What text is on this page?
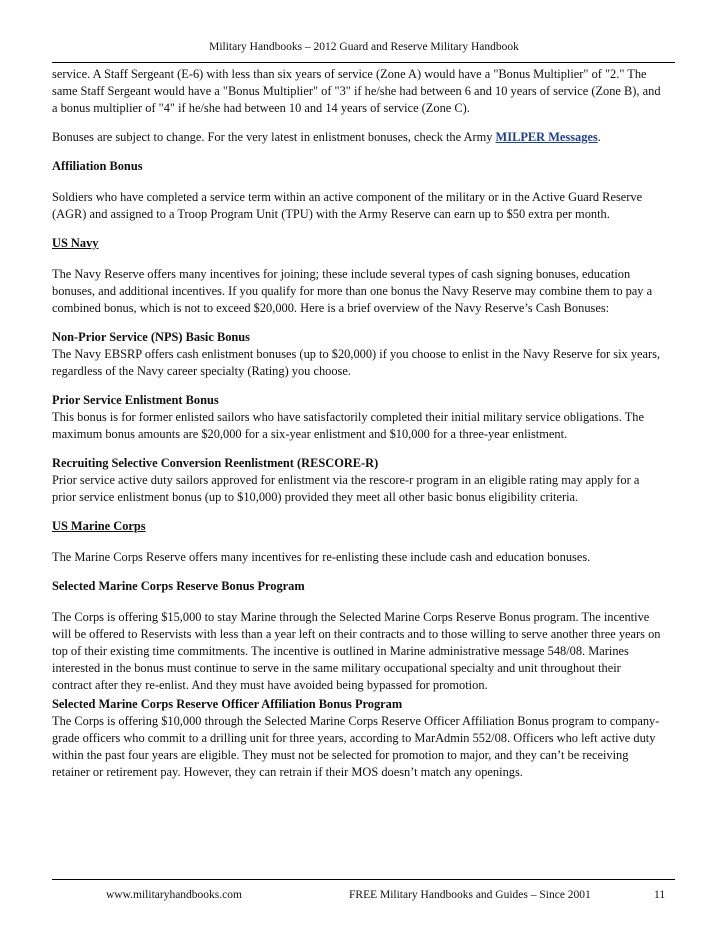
Military Handbooks – 2012 Guard and Reserve Military Handbook

service. A Staff Sergeant (E-6) with less than six years of service (Zone A) would have a "Bonus Multiplier" of "2." The same Staff Sergeant would have a "Bonus Multiplier" of "3" if he/she had between 6 and 10 years of service (Zone B), and a bonus multiplier of "4" if he/she had between 10 and 14 years of service (Zone C).

Bonuses are subject to change. For the very latest in enlistment bonuses, check the Army MILPER Messages.

Affiliation Bonus

Soldiers who have completed a service term within an active component of the military or in the Active Guard Reserve (AGR) and assigned to a Troop Program Unit (TPU) with the Army Reserve can earn up to $50 extra per month.

US Navy

The Navy Reserve offers many incentives for joining; these include several types of cash signing bonuses, education bonuses, and additional incentives. If you qualify for more than one bonus the Navy Reserve may combine them to pay a combined bonus, which is not to exceed $20,000. Here is a brief overview of the Navy Reserve’s Cash Bonuses:

Non-Prior Service (NPS) Basic Bonus
The Navy EBSRP offers cash enlistment bonuses (up to $20,000) if you choose to enlist in the Navy Reserve for six years, regardless of the Navy career specialty (Rating) you choose.
Prior Service Enlistment Bonus
This bonus is for former enlisted sailors who have satisfactorily completed their initial military service obligations. The maximum bonus amounts are $20,000 for a six-year enlistment and $10,000 for a three-year enlistment.
Recruiting Selective Conversion Reenlistment (RESCORE-R)
Prior service active duty sailors approved for enlistment via the rescore-r program in an eligible rating may apply for a prior service enlistment bonus (up to $10,000) provided they meet all other basic bonus eligibility criteria.
US Marine Corps

The Marine Corps Reserve offers many incentives for re-enlisting these include cash and education bonuses.

Selected Marine Corps Reserve Bonus Program

The Corps is offering $15,000 to stay Marine through the Selected Marine Corps Reserve Bonus program. The incentive will be offered to Reservists with less than a year left on their contracts and to those willing to serve another three years on top of their existing time commitments. The incentive is outlined in Marine administrative message 548/08. Marines interested in the bonus must continue to serve in the same military occupational specialty and unit throughout their contract after they re-enlist. And they must have avoided being bypassed for promotion.

Selected Marine Corps Reserve Officer Affiliation Bonus Program
The Corps is offering $10,000 through the Selected Marine Corps Reserve Officer Affiliation Bonus program to company-grade officers who commit to a drilling unit for three years, according to MarAdmin 552/08. Officers who left active duty within the past four years are eligible. They must not be selected for promotion to major, and they can’t be receiving retainer or retirement pay. However, they can retrain if their MOS doesn’t match any openings.
www.militaryhandbooks.com	FREE Military Handbooks and Guides – Since 2001	11
